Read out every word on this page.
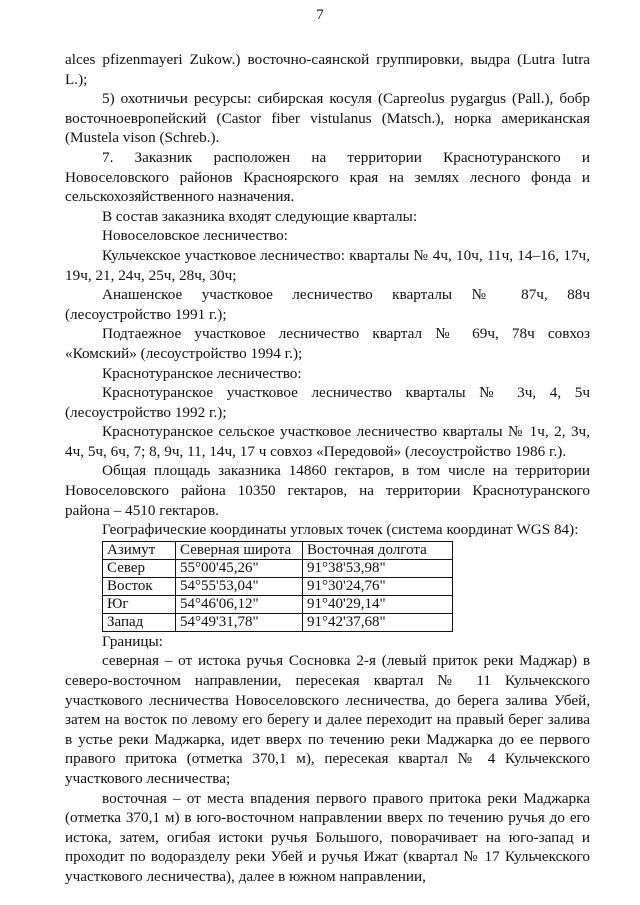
7

alces pfizenmayeri Zukow.) восточно-саянской группировки, выдра (Lutra lutra L.);

5) охотничьи ресурсы: сибирская косуля (Capreolus pygargus (Pall.), бобр восточноевропейский (Castor fiber vistulanus (Matsch.), норка американская (Mustela vison (Schreb.).

7. Заказник расположен на территории Краснотуранского и Новоселовского районов Красноярского края на землях лесного фонда и сельскохозяйственного назначения.

В состав заказника входят следующие кварталы:

Новоселовское лесничество:

Кульчекское участковое лесничество: кварталы № 4ч, 10ч, 11ч, 14–16, 17ч, 19ч, 21, 24ч, 25ч, 28ч, 30ч;

Анашенское участковое лесничество кварталы № 87ч, 88ч (лесоустройство 1991 г.);

Подтаежное участковое лесничество квартал № 69ч, 78ч совхоз «Комский» (лесоустройство 1994 г.);

Краснотуранское лесничество:

Краснотуранское участковое лесничество кварталы № 3ч, 4, 5ч (лесоустройство 1992 г.);

Краснотуранское сельское участковое лесничество кварталы № 1ч, 2, 3ч, 4ч, 5ч, 6ч, 7; 8, 9ч, 11, 14ч, 17 ч совхоз «Передовой» (лесоустройство 1986 г.).

Общая площадь заказника 14860 гектаров, в том числе на территории Новоселовского района 10350 гектаров, на территории Краснотуранского района – 4510 гектаров.

Географические координаты угловых точек (система координат WGS 84):

Азимут	Северная широта	Восточная долгота
Север	55°00'45,26"	91°38'53,98"
Восток	54°55'53,04"	91°30'24,76"
Юг	54°46'06,12"	91°40'29,14"
Запад	54°49'31,78"	91°42'37,68"

Границы:

северная – от истока ручья Сосновка 2-я (левый приток реки Маджар) в северо-восточном направлении, пересекая квартал № 11 Кульчекского участкового лесничества Новоселовского лесничества, до берега залива Убей, затем на восток по левому его берегу и далее переходит на правый берег залива в устье реки Маджарка, идет вверх по течению реки Маджарка до ее первого правого притока (отметка 370,1 м), пересекая квартал № 4 Кульчекского участкового лесничества;

восточная – от места впадения первого правого притока реки Маджарка (отметка 370,1 м) в юго-восточном направлении вверх по течению ручья до его истока, затем, огибая истоки ручья Большого, поворачивает на юго-запад и проходит по водоразделу реки Убей и ручья Ижат (квартал № 17 Кульчекского участкового лесничества), далее в южном направлении,
